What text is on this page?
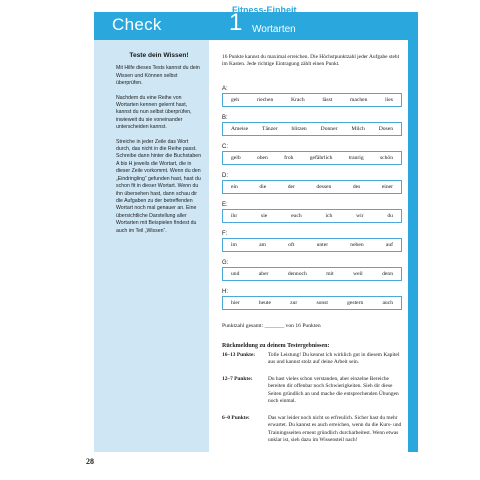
Check
Fitness-Einheit
1 Wortarten
Teste dein Wissen!

Mit Hilfe dieses Tests kannst du dein Wissen und Können selbst überprüfen.

Nachdem du eine Reihe von Wortarten kennen gelernt hast, kannst du nun selbst überprüfen, inwieweit du sie voneinander unterscheiden kannst.

Streiche in jeder Zeile das Wort durch, das nicht in die Reihe passt. Schreibe dann hinter die Buchstaben A bis H jeweils die Wortart, die in dieser Zeile vorkommt. Wenn du den „Eindringling“ gefunden hast, hast du schon fit in dieser Wortart. Wenn du ihn übersehen hast, dann schau dir die Aufgaben zu der betreffenden Wortart noch mal genauer an. Eine übersichtliche Darstellung aller Wortarten mit Beispielen findest du auch im Teil „Wissen“.

16 Punkte kannst du maximal erreichen. Die Höchstpunktzahl jeder Aufgabe steht im Kasten. Jede richtige Eintragung zählt einen Punkt.
A:
geh	riechen	Krach	lässt	machen	lies
B:
Ameise Tänzer blitzen Donner Milch Dosen
C:
gelb	oben	froh	gefährlich	traurig	schön
D:
ein	die	der	dessen	des	einer
E:
ihr	sie	euch	ich	wir	du
F:
im	am	oft	unter	neben	auf
G:
und	aber	dennoch	mit	weil	denn
H:
hier	heute	zur	sonst	gestern	auch
Punktzahl gesamt: _______ von 16 Punkten
Rückmeldung zu deinem Testergebnissen:
16–13 Punkte:	Tolle Leistung! Du kennst ich wirklich gut in diesem Kapitel aus und kannst stolz auf deine Arbeit sein.
12–7 Punkte:	Du hast vieles schon verstanden, aber einzelne Bereiche bereiten dir offenbar noch Schwierigkeiten. Sieh dir diese Seiten gründlich an und mache die entsprechenden Übungen noch einmal.
6–0 Punkte:	Das war leider noch nicht so erfreulich. Sicher hast du mehr erwartet. Du kannst es auch erreichen, wenn du die Kurs- und Trainingsseiten erneut gründlich durcharbeitest. Wenn etwas unklar ist, sieh dazu im Wissensteil nach!
28
